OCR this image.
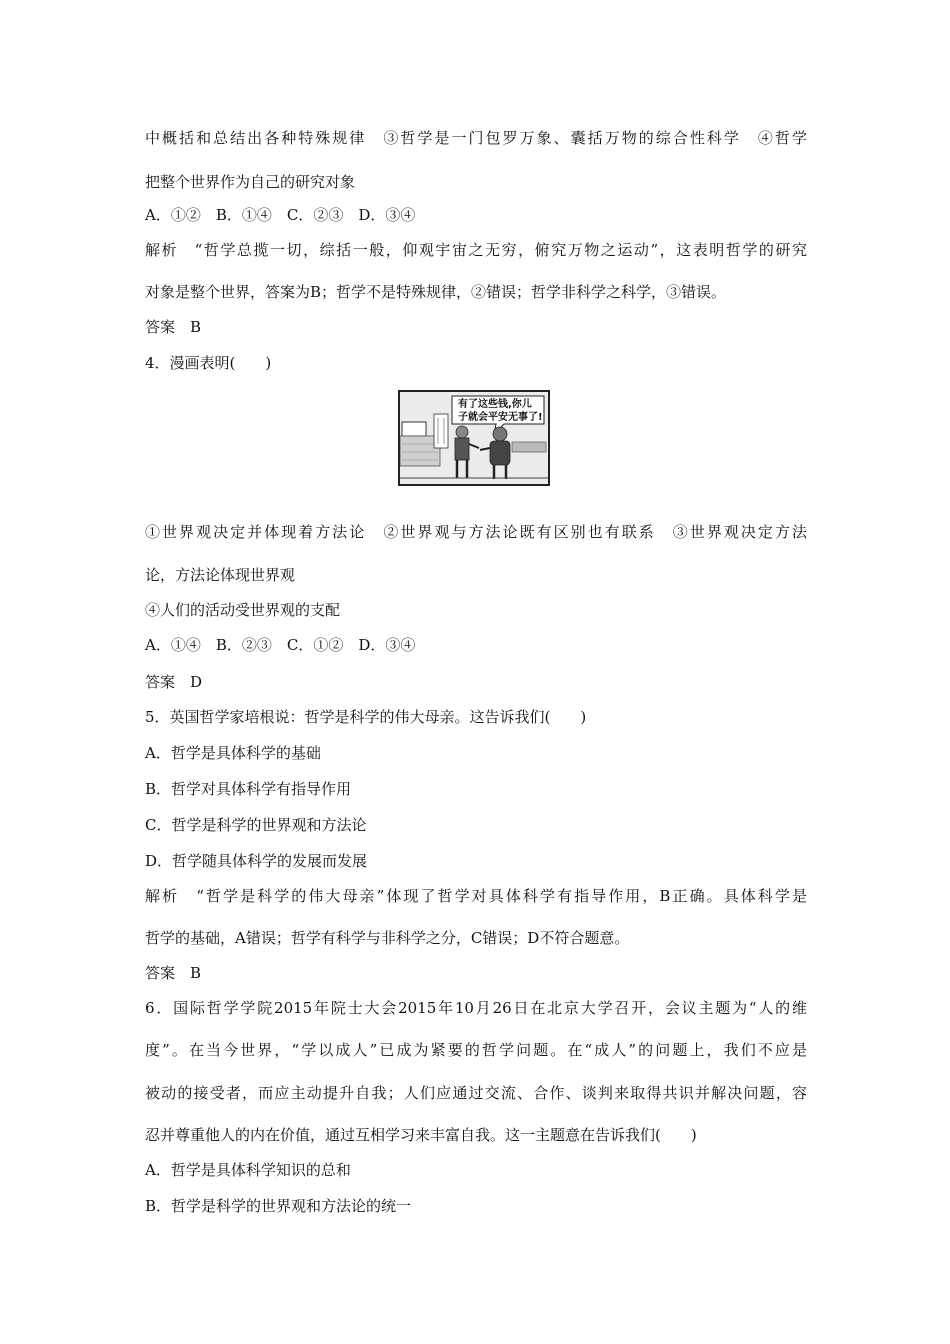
中概括和总结出各种特殊规律　③哲学是一门包罗万象、囊括万物的综合性科学　④哲学
把整个世界作为自己的研究对象
A．①②　B．①④　C．②③　D．③④
解析　“哲学总揽一切，综括一般，仰观宇宙之无穷，俯究万物之运动”，这表明哲学的研究
对象是整个世界，答案为B；哲学不是特殊规律，②错误；哲学非科学之科学，③错误。
答案　B
4．漫画表明(　　)
有了这些钱,你儿
子就会平安无事了!
①世界观决定并体现着方法论　②世界观与方法论既有区别也有联系　③世界观决定方法
论，方法论体现世界观
④人们的活动受世界观的支配
A．①④　B．②③　C．①②　D．③④
答案　D
5．英国哲学家培根说：哲学是科学的伟大母亲。这告诉我们(　　)
A．哲学是具体科学的基础
B．哲学对具体科学有指导作用
C．哲学是科学的世界观和方法论
D．哲学随具体科学的发展而发展
解析　“哲学是科学的伟大母亲”体现了哲学对具体科学有指导作用，B正确。具体科学是
哲学的基础，A错误；哲学有科学与非科学之分，C错误；D不符合题意。
答案　B
6．国际哲学学院2015年院士大会2015年10月26日在北京大学召开，会议主题为“人的维
度”。在当今世界，“学以成人”已成为紧要的哲学问题。在“成人”的问题上，我们不应是
被动的接受者，而应主动提升自我；人们应通过交流、合作、谈判来取得共识并解决问题，容
忍并尊重他人的内在价值，通过互相学习来丰富自我。这一主题意在告诉我们(　　)
A．哲学是具体科学知识的总和
B．哲学是科学的世界观和方法论的统一
